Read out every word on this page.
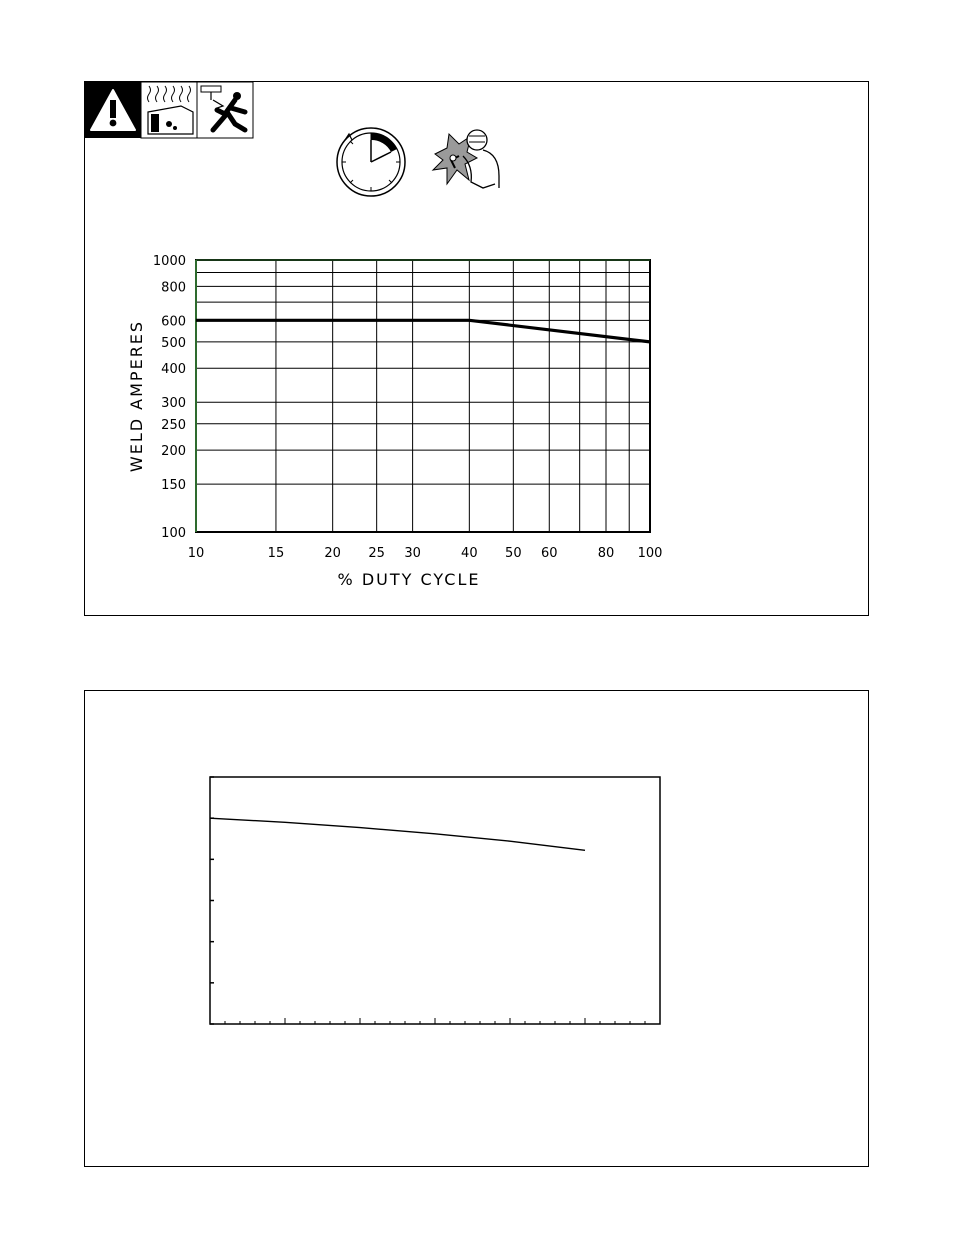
10	15	20 25 30	40 50 60	80 100
100
150
200
250
300
400
500
600
800
1000
% DUTY CYCLE
WELD AMPERES
